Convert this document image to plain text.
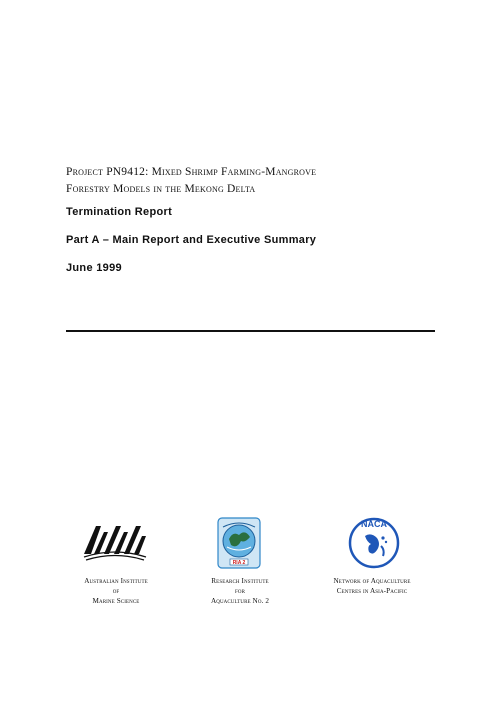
Project PN9412: Mixed Shrimp Farming-Mangrove
Forestry Models in the Mekong Delta
Termination Report
Part A – Main Report and Executive Summary
June 1999
RIA 2
NACA
Australian Institute
of
Marine Science
Research Institute
for
Aquaculture No. 2
Network of Aquaculture
Centres in Asia-Pacific
